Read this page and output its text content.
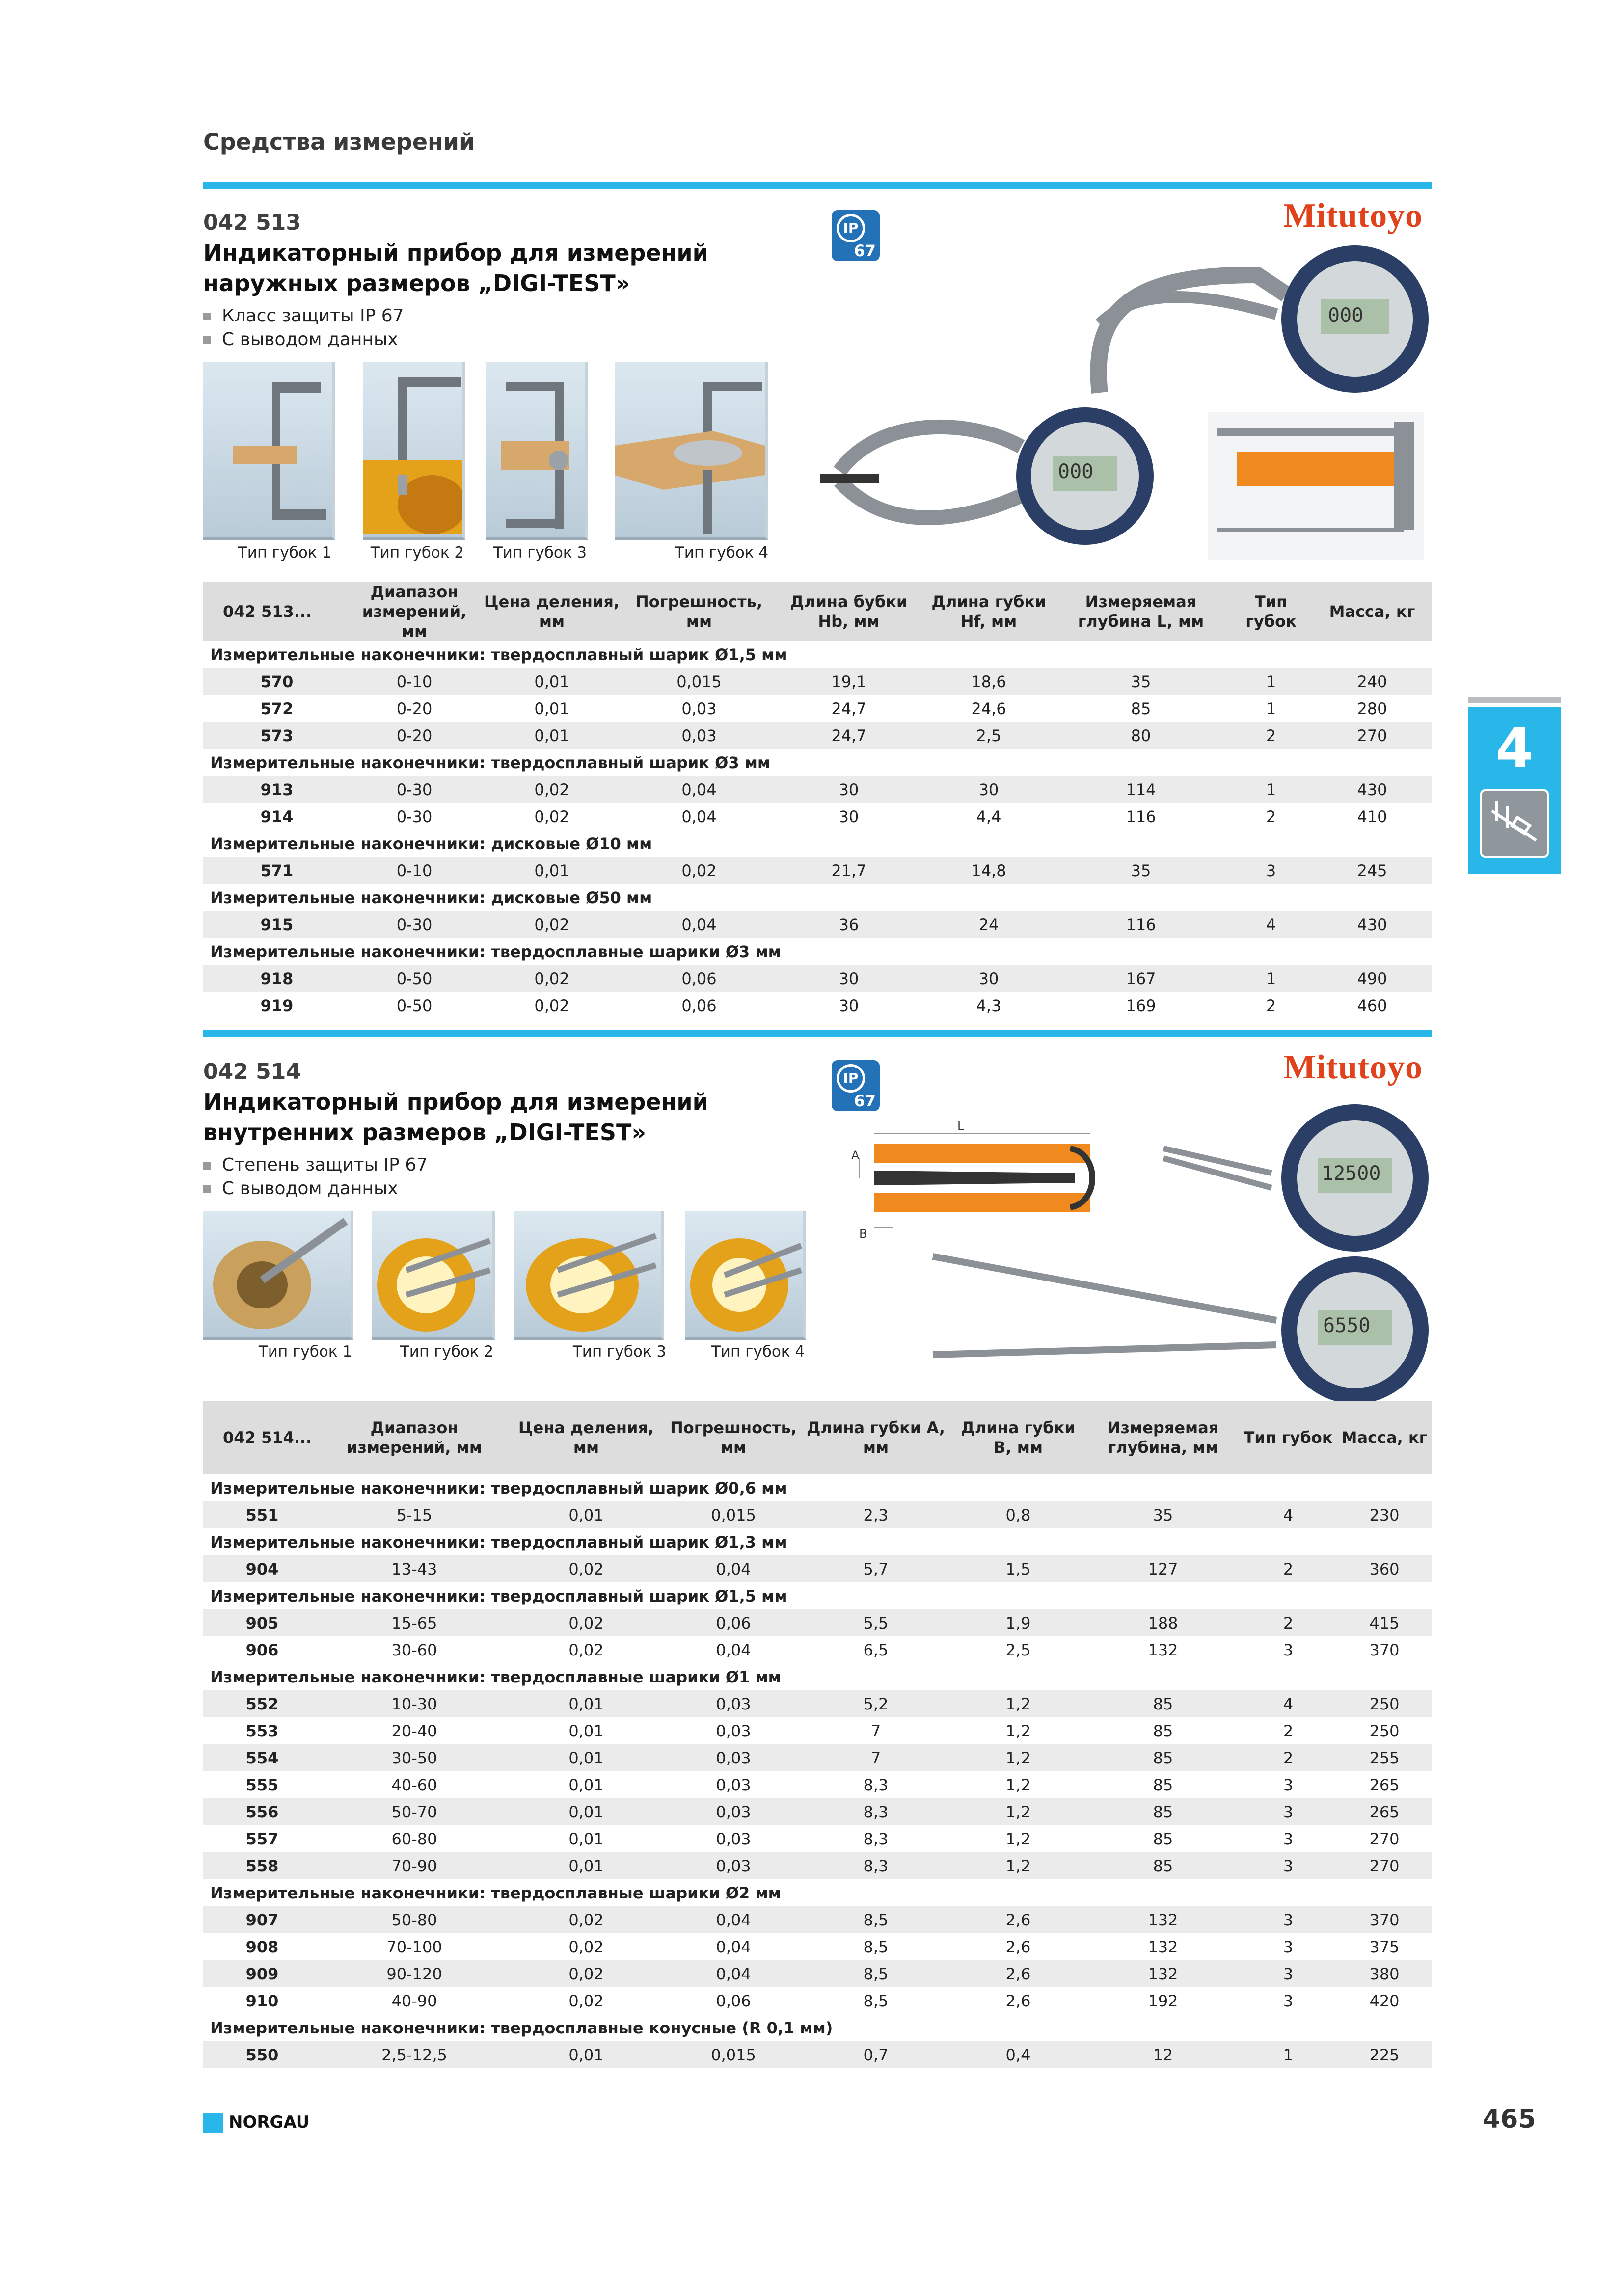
Средства измерений
4
042 513
Индикаторный прибор для измерений
наружных размеров „DIGI-TEST»
Класс защиты IP 67
С выводом данных
IP
67
Mitutoyo
Тип губок 1	Тип губок 2	Тип губок 3	Тип губок 4
000
000
042 513...	Диапазон измерений, мм	Цена деления, мм	Погрешность, мм	Длина бубки Hb, мм	Длина губки Hf, мм	Измеряемая глубина L, мм	Тип губок	Масса, кг
Измерительные наконечники: твердосплавный шарик Ø1,5 мм								
570	0-10	0,01	0,015	19,1	18,6	35	1	240
572	0-20	0,01	0,03	24,7	24,6	85	1	280
573	0-20	0,01	0,03	24,7	2,5	80	2	270
Измерительные наконечники: твердосплавный шарик Ø3 мм								
913	0-30	0,02	0,04	30	30	114	1	430
914	0-30	0,02	0,04	30	4,4	116	2	410
Измерительные наконечники: дисковые Ø10 мм								
571	0-10	0,01	0,02	21,7	14,8	35	3	245
Измерительные наконечники: дисковые Ø50 мм								
915	0-30	0,02	0,04	36	24	116	4	430
Измерительные наконечники: твердосплавные шарики Ø3 мм								
918	0-50	0,02	0,06	30	30	167	1	490
919	0-50	0,02	0,06	30	4,3	169	2	460
042 514
Индикаторный прибор для измерений
внутренних размеров „DIGI-TEST»
Степень защиты IP 67
С выводом данных
IP
67
Mitutoyo
Тип губок 1	Тип губок 2	Тип губок 3	Тип губок 4
A
B
L
12500
6550
042 514...	Диапазон измерений, мм	Цена деления, мм	Погрешность, мм	Длина губки A, мм	Длина губки B, мм	Измеряемая глубина, мм	Тип губок	Масса, кг
Измерительные наконечники: твердосплавный шарик Ø0,6 мм								
551	5-15	0,01	0,015	2,3	0,8	35	4	230
Измерительные наконечники: твердосплавный шарик Ø1,3 мм								
904	13-43	0,02	0,04	5,7	1,5	127	2	360
Измерительные наконечники: твердосплавный шарик Ø1,5 мм								
905	15-65	0,02	0,06	5,5	1,9	188	2	415
906	30-60	0,02	0,04	6,5	2,5	132	3	370
Измерительные наконечники: твердосплавные шарики Ø1 мм								
552	10-30	0,01	0,03	5,2	1,2	85	4	250
553	20-40	0,01	0,03	7	1,2	85	2	250
554	30-50	0,01	0,03	7	1,2	85	2	255
555	40-60	0,01	0,03	8,3	1,2	85	3	265
556	50-70	0,01	0,03	8,3	1,2	85	3	265
557	60-80	0,01	0,03	8,3	1,2	85	3	270
558	70-90	0,01	0,03	8,3	1,2	85	3	270
Измерительные наконечники: твердосплавные шарики Ø2 мм								
907	50-80	0,02	0,04	8,5	2,6	132	3	370
908	70-100	0,02	0,04	8,5	2,6	132	3	375
909	90-120	0,02	0,04	8,5	2,6	132	3	380
910	40-90	0,02	0,06	8,5	2,6	192	3	420
Измерительные наконечники: твердосплавные конусные (R 0,1 мм)								
550	2,5-12,5	0,01	0,015	0,7	0,4	12	1	225
NORGAU	465
